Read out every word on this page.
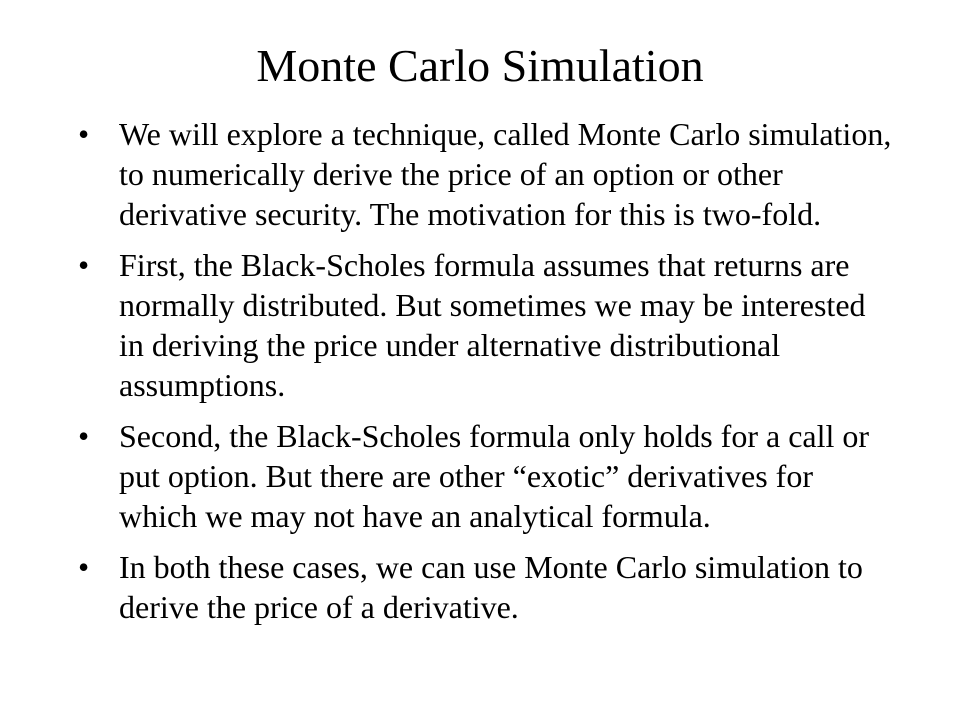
Monte Carlo Simulation
• We will explore a technique, called Monte Carlo simulation, to numerically derive the price of an option or other derivative security. The motivation for this is two-fold.
• First, the Black-Scholes formula assumes that returns are normally distributed. But sometimes we may be interested in deriving the price under alternative distributional assumptions.
• Second, the Black-Scholes formula only holds for a call or put option. But there are other “exotic” derivatives for which we may not have an analytical formula.
• In both these cases, we can use Monte Carlo simulation to derive the price of a derivative.
